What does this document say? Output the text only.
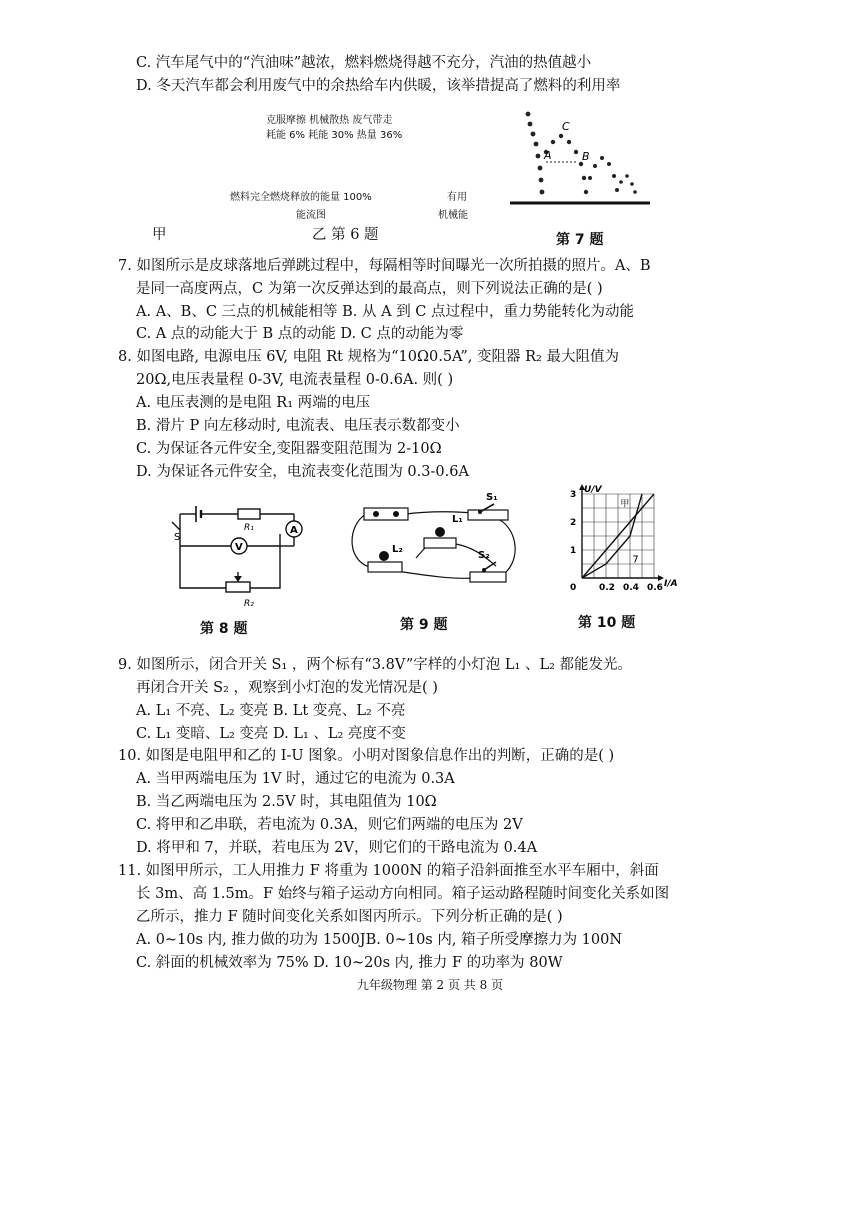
C. 汽车尾气中的“汽油味”越浓，燃料燃烧得越不充分，汽油的热值越小
D. 冬天汽车都会利用废气中的余热给车内供暖，该举措提高了燃料的利用率
克服摩擦 机械散热 废气带走
耗能 6% 耗能 30% 热量 36%
燃料完全燃烧释放的能量 100%	有用
能流图	机械能
甲	乙 第 6 题
A	B
C
第 7 题
7. 如图所示是皮球落地后弹跳过程中，每隔相等时间曝光一次所拍摄的照片。A、B
是同一高度两点，C 为第一次反弹达到的最高点，则下列说法正确的是( )
A. A、B、C 三点的机械能相等 B. 从 A 到 C 点过程中，重力势能转化为动能
C. A 点的动能大于 B 点的动能 D. C 点的动能为零
8. 如图电路, 电源电压 6V, 电阻 Rt 规格为“10Ω0.5A”, 变阻器 R₂ 最大阻值为
20Ω,电压表量程 0-3V, 电流表量程 0-0.6A. 则( )
A. 电压表测的是电阻 R₁ 两端的电压
B. 滑片 P 向左移动时, 电流表、电压表示数都变小
C. 为保证各元件安全,变阻器变阻范围为 2-10Ω
D. 为保证各元件安全，电流表变化范围为 0.3-0.6A
S
R₁	A
V
R₂
第 8 题
S₁
L₁
L₂
S₂
第 9 题
1
2
3
0.2 0.4 0.6
甲
7
U/V
I/A
0
第 10 题
9. 如图所示，闭合开关 S₁ ，两个标有“3.8V”字样的小灯泡 L₁ 、L₂ 都能发光。
再闭合开关 S₂ ，观察到小灯泡的发光情况是( )
A. L₁ 不亮、L₂ 变亮 B. Lt 变亮、L₂ 不亮
C. L₁ 变暗、L₂ 变亮 D. L₁ 、L₂ 亮度不变
10. 如图是电阻甲和乙的 I-U 图象。小明对图象信息作出的判断，正确的是( )
A. 当甲两端电压为 1V 时，通过它的电流为 0.3A
B. 当乙两端电压为 2.5V 时，其电阻值为 10Ω
C. 将甲和乙串联，若电流为 0.3A，则它们两端的电压为 2V
D. 将甲和 7，并联，若电压为 2V，则它们的干路电流为 0.4A
11. 如图甲所示，工人用推力 F 将重为 1000N 的箱子沿斜面推至水平车厢中，斜面
长 3m、高 1.5m。F 始终与箱子运动方向相同。箱子运动路程随时间变化关系如图
乙所示，推力 F 随时间变化关系如图丙所示。下列分析正确的是( )
A. 0~10s 内, 推力做的功为 1500JB. 0~10s 内, 箱子所受摩擦力为 100N
C. 斜面的机械效率为 75% D. 10~20s 内, 推力 F 的功率为 80W
九年级物理 第 2 页 共 8 页
